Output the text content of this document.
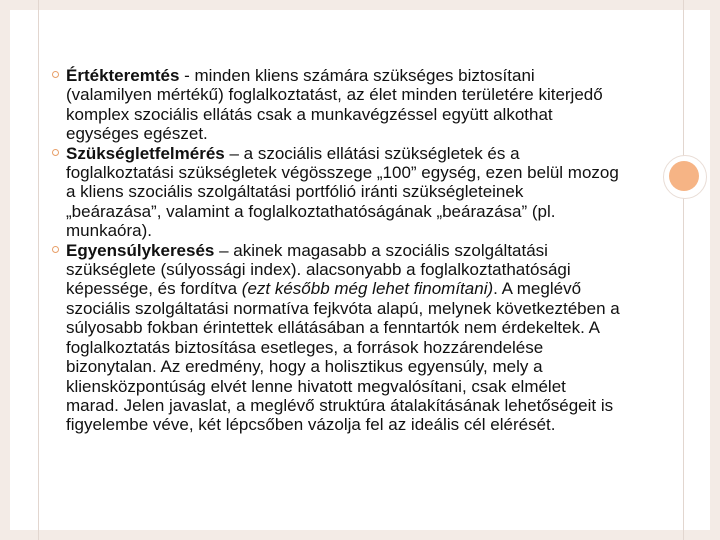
Értékteremtés - minden kliens számára szükséges biztosítani (valamilyen mértékű) foglalkoztatást, az élet minden területére kiterjedő komplex szociális ellátás csak a munkavégzéssel együtt alkothat egységes egészet.
Szükségletfelmérés – a szociális ellátási szükségletek és a foglalkoztatási szükségletek végösszege „100” egység, ezen belül mozog a kliens szociális szolgáltatási portfólió iránti szükségleteinek „beárazása”, valamint a foglalkoztathatóságának „beárazása” (pl. munkaóra).
Egyensúlykeresés – akinek magasabb a szociális szolgáltatási szükséglete (súlyossági index). alacsonyabb a foglalkoztathatósági képessége, és fordítva (ezt később még lehet finomítani). A meglévő szociális szolgáltatási normatíva fejkvóta alapú, melynek következtében a súlyosabb fokban érintettek ellátásában a fenntartók nem érdekeltek. A foglalkoztatás biztosítása esetleges, a források hozzárendelése bizonytalan. Az eredmény, hogy a holisztikus egyensúly, mely a kliensközpontúság elvét lenne hivatott megvalósítani, csak elmélet marad. Jelen javaslat, a meglévő struktúra átalakításának lehetőségeit is figyelembe véve, két lépcsőben vázolja fel az ideális cél elérését.
